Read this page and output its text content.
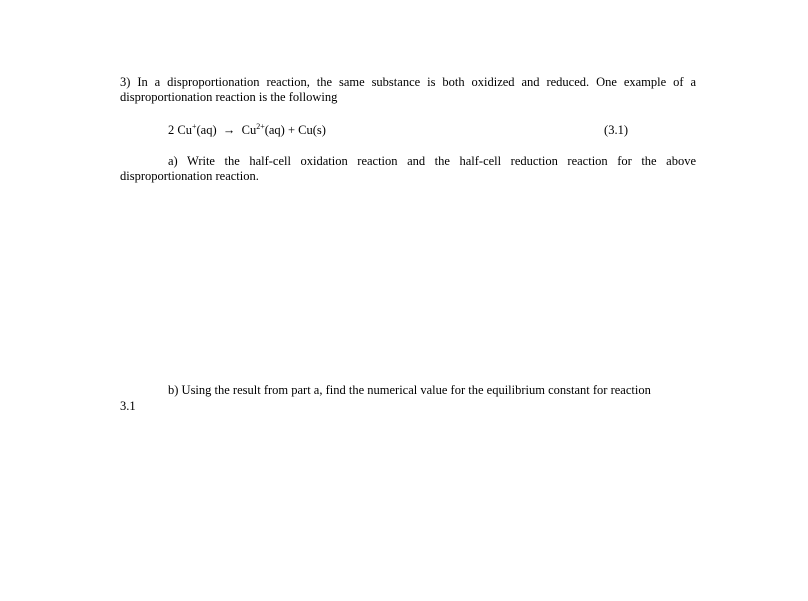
3) In a disproportionation reaction, the same substance is both oxidized and reduced. One example of a disproportionation reaction is the following

2 $Cu^+(aq) \to Cu^{2+}(aq) + Cu(s)$	(3.1)

a) Write the half-cell oxidation reaction and the half-cell reduction reaction for the above disproportionation reaction.

b) Using the result from part a, find the numerical value for the equilibrium constant for reaction
3.1
